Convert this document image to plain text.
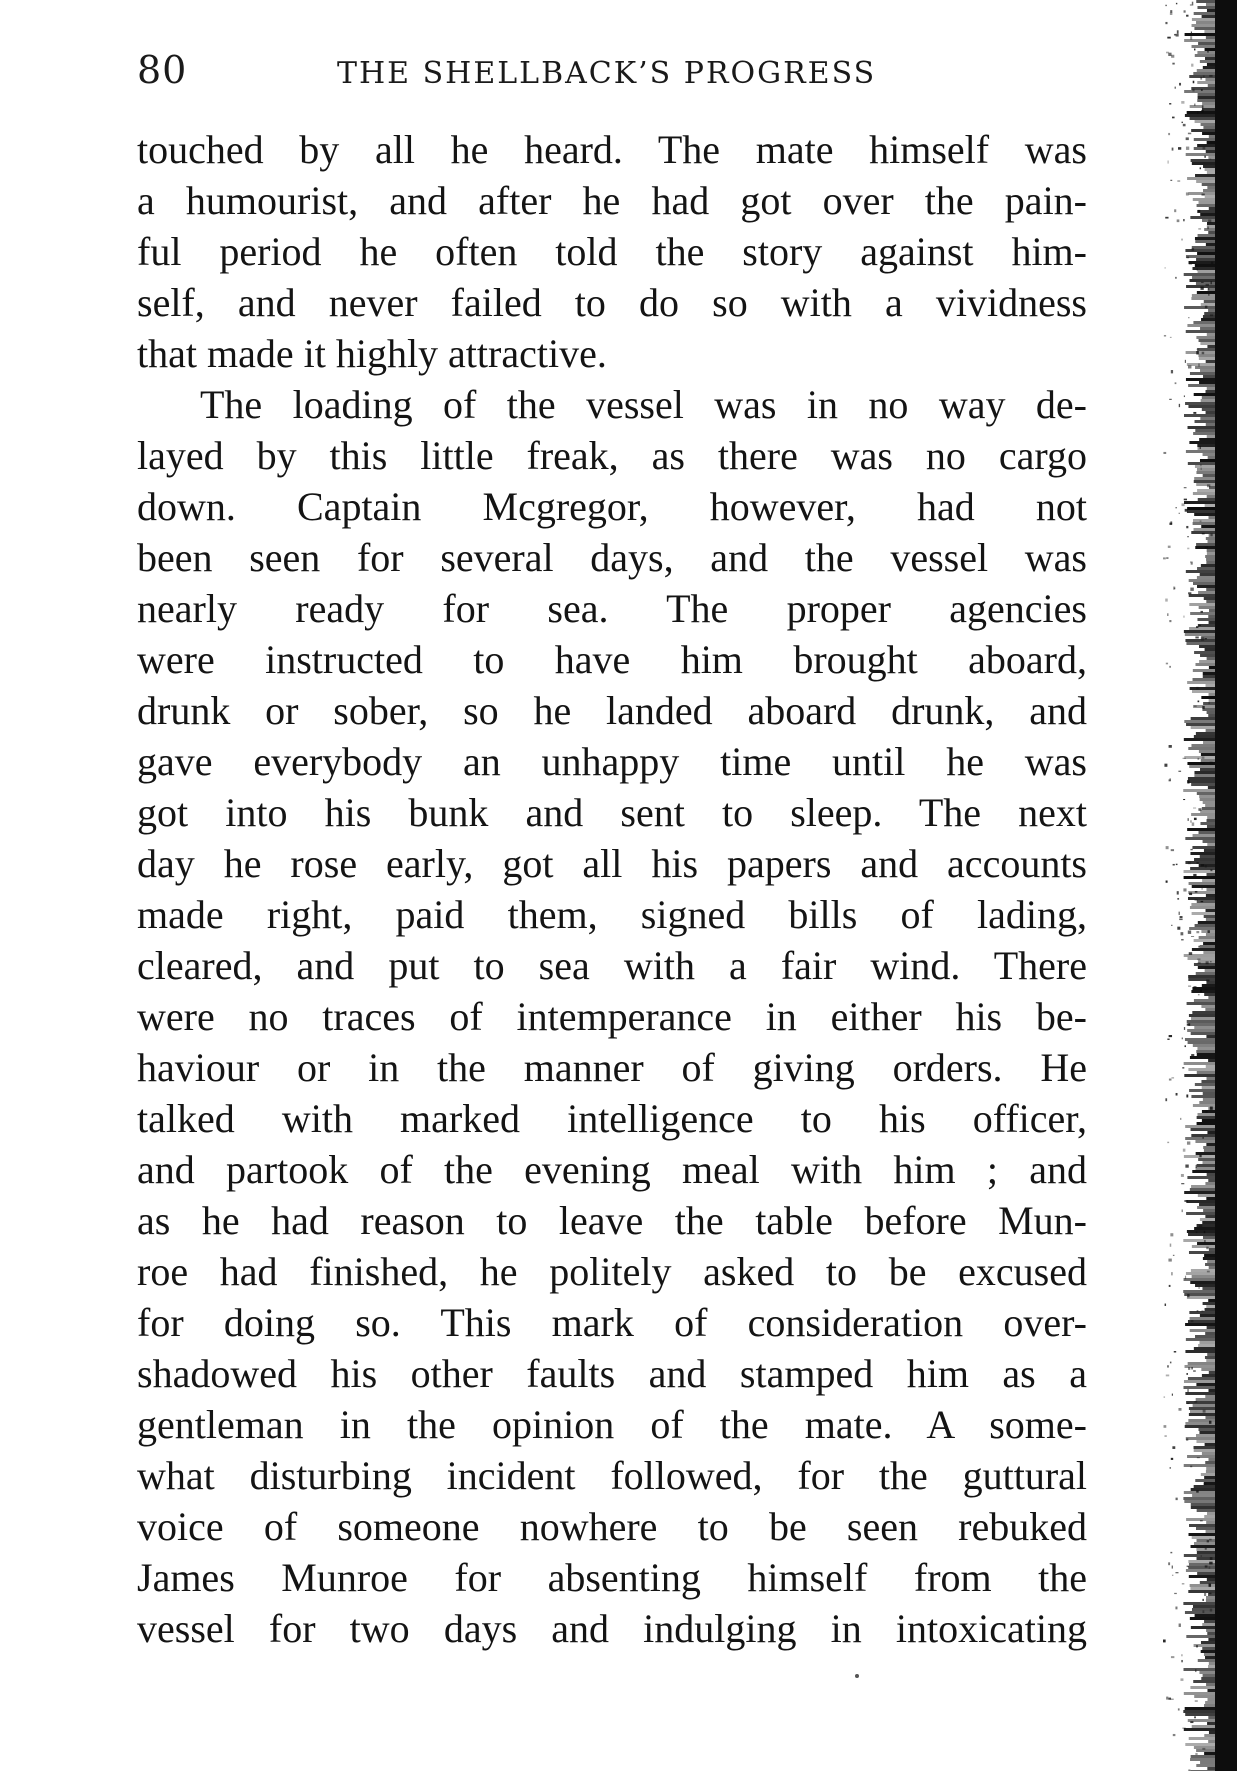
80	THE SHELLBACK’S PROGRESS
touched by all he heard. The mate himself was
a humourist, and after he had got over the pain-
ful period he often told the story against him-
self, and never failed to do so with a vividness
that made it highly attractive.
The loading of the vessel was in no way de-
layed by this little freak, as there was no cargo
down. Captain Mcgregor, however, had not
been seen for several days, and the vessel was
nearly ready for sea. The proper agencies
were instructed to have him brought aboard,
drunk or sober, so he landed aboard drunk, and
gave everybody an unhappy time until he was
got into his bunk and sent to sleep. The next
day he rose early, got all his papers and accounts
made right, paid them, signed bills of lading,
cleared, and put to sea with a fair wind. There
were no traces of intemperance in either his be-
haviour or in the manner of giving orders. He
talked with marked intelligence to his officer,
and partook of the evening meal with him ; and
as he had reason to leave the table before Mun-
roe had finished, he politely asked to be excused
for doing so. This mark of consideration over-
shadowed his other faults and stamped him as a
gentleman in the opinion of the mate. A some-
what disturbing incident followed, for the guttural
voice of someone nowhere to be seen rebuked
James Munroe for absenting himself from the
vessel for two days and indulging in intoxicating
